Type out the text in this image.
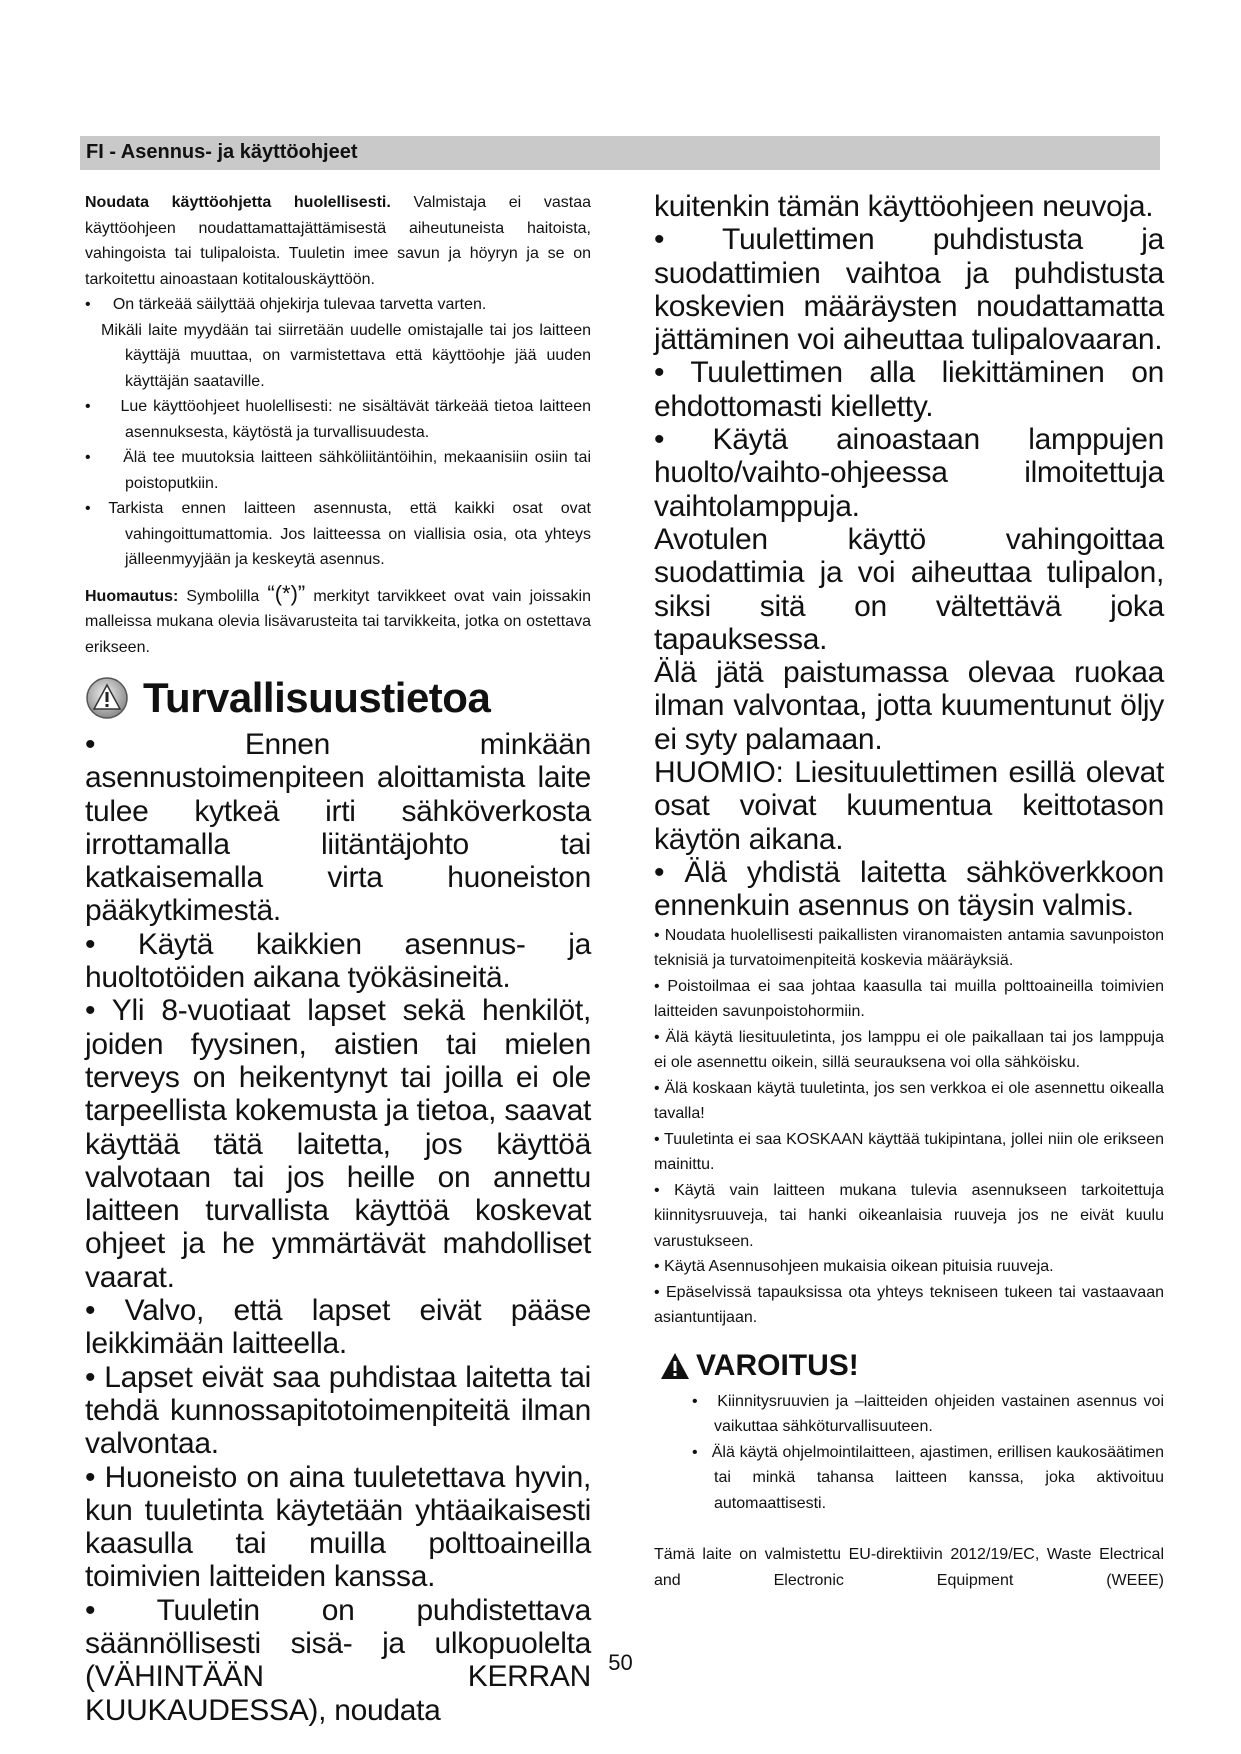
FI - Asennus- ja käyttöohjeet

Noudata käyttöohjetta huolellisesti. Valmistaja ei vastaa käyttöohjeen noudattamattajättämisestä aiheutuneista haitoista, vahingoista tai tulipaloista. Tuuletin imee savun ja höyryn ja se on tarkoitettu ainoastaan kotitalouskäyttöön.

•     On tärkeää säilyttää ohjekirja tulevaa tarvetta varten.

Mikäli laite myydään tai siirretään uudelle omistajalle tai jos laitteen käyttäjä muuttaa, on varmistettava että käyttöohje jää uuden käyttäjän saataville.

•     Lue käyttöohjeet huolellisesti: ne sisältävät tärkeää tietoa laitteen asennuksesta, käytöstä ja turvallisuudesta.

•     Älä tee muutoksia laitteen sähköliitäntöihin, mekaanisiin osiin tai poistoputkiin.

• Tarkista ennen laitteen asennusta, että kaikki osat ovat vahingoittumattomia. Jos laitteessa on viallisia osia, ota yhteys jälleenmyyjään ja keskeytä asennus.

Huomautus: Symbolilla “(*)” merkityt tarvikkeet ovat vain joissakin malleissa mukana olevia lisävarusteita tai tarvikkeita, jotka on ostettava erikseen.

Turvallisuustietoa

• Ennen minkään asennustoimenpiteen aloittamista laite tulee kytkeä irti sähköverkosta irrottamalla liitäntäjohto tai katkaisemalla virta huoneiston pääkytkimestä.

• Käytä kaikkien asennus- ja huoltotöiden aikana työkäsineitä.

• Yli 8-vuotiaat lapset sekä henkilöt, joiden fyysinen, aistien tai mielen terveys on heikentynyt tai joilla ei ole tarpeellista kokemusta ja tietoa, saavat käyttää tätä laitetta, jos käyttöä valvotaan tai jos heille on annettu laitteen turvallista käyttöä koskevat ohjeet ja he ymmärtävät mahdolliset vaarat.

• Valvo, että lapset eivät pääse leikkimään laitteella.

• Lapset eivät saa puhdistaa laitetta tai tehdä kunnossapitotoimenpiteitä ilman valvontaa.

• Huoneisto on aina tuuletettava hyvin, kun tuuletinta käytetään yhtäaikaisesti kaasulla tai muilla polttoaineilla toimivien laitteiden kanssa.

• Tuuletin on puhdistettava säännöllisesti sisä- ja ulkopuolelta (VÄHINTÄÄN KERRAN KUUKAUDESSA), noudata

kuitenkin tämän käyttöohjeen neuvoja.

• Tuulettimen puhdistusta ja suodattimien vaihtoa ja puhdistusta koskevien määräysten noudattamatta jättäminen voi aiheuttaa tulipalovaaran.

• Tuulettimen alla liekittäminen on ehdottomasti kielletty.

• Käytä ainoastaan lamppujen huolto/vaihto-ohjeessa ilmoitettuja vaihtolamppuja.

Avotulen käyttö vahingoittaa suodattimia ja voi aiheuttaa tulipalon, siksi sitä on vältettävä joka tapauksessa.

Älä jätä paistumassa olevaa ruokaa ilman valvontaa, jotta kuumentunut öljy ei syty palamaan.

HUOMIO: Liesituulettimen esillä olevat osat voivat kuumentua keittotason käytön aikana.

• Älä yhdistä laitetta sähköverkkoon ennenkuin asennus on täysin valmis.

• Noudata huolellisesti paikallisten viranomaisten antamia savunpoiston teknisiä ja turvatoimenpiteitä koskevia määräyksiä.

• Poistoilmaa ei saa johtaa kaasulla tai muilla polttoaineilla toimivien laitteiden savunpoistohormiin.

• Älä käytä liesituuletinta, jos lamppu ei ole paikallaan tai jos lamppuja ei ole asennettu oikein, sillä seurauksena voi olla sähköisku.

• Älä koskaan käytä tuuletinta, jos sen verkkoa ei ole asennettu oikealla tavalla!

• Tuuletinta ei saa KOSKAAN käyttää tukipintana, jollei niin ole erikseen mainittu.

• Käytä vain laitteen mukana tulevia asennukseen tarkoitettuja kiinnitysruuveja, tai hanki oikeanlaisia ruuveja jos ne eivät kuulu varustukseen.

• Käytä Asennusohjeen mukaisia oikean pituisia ruuveja.

• Epäselvissä tapauksissa ota yhteys tekniseen tukeen tai vastaavaan asiantuntijaan.

VAROITUS!

•   Kiinnitysruuvien ja –laitteiden ohjeiden vastainen asennus voi vaikuttaa sähköturvallisuuteen.

•   Älä käytä ohjelmointilaitteen, ajastimen, erillisen kaukosäätimen tai minkä tahansa laitteen kanssa, joka aktivoituu automaattisesti.

Tämä laite on valmistettu EU-direktiivin 2012/19/EC, Waste Electrical and Electronic Equipment (WEEE)

50
